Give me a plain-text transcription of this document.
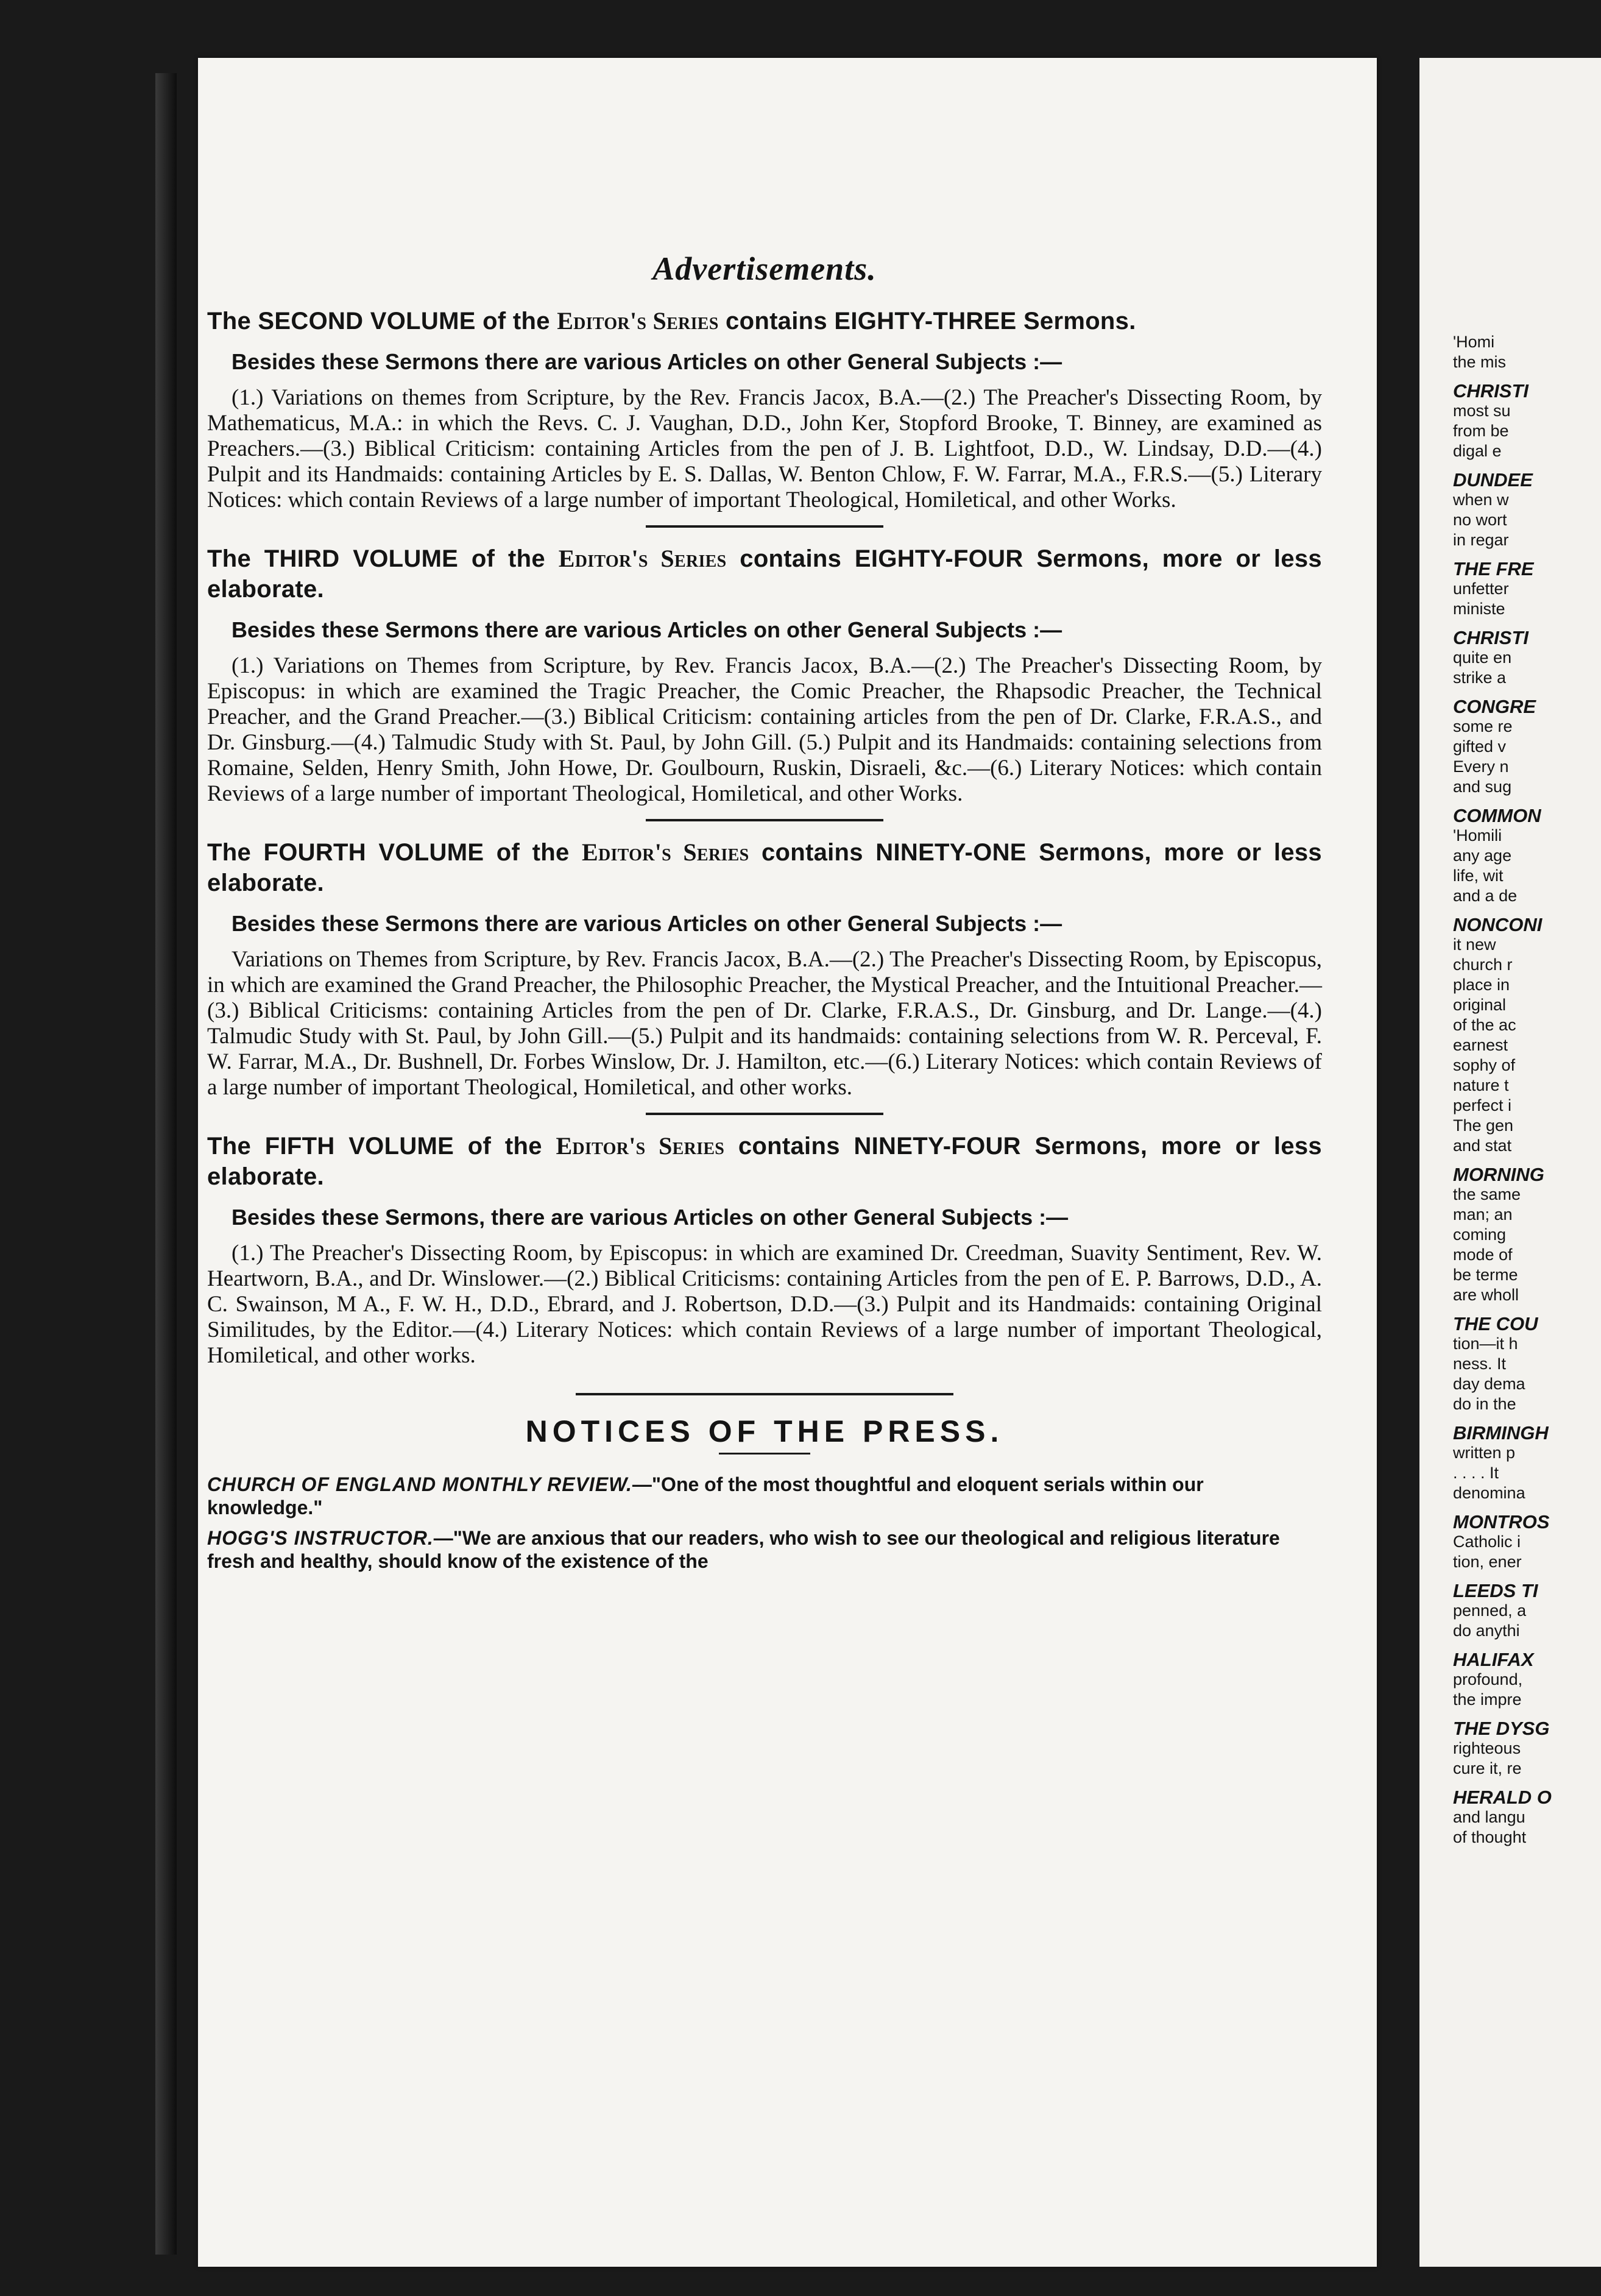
Advertisements.

The SECOND VOLUME of the Editor's Series contains EIGHTY-THREE Sermons.

Besides these Sermons there are various Articles on other General Subjects :—

(1.) Variations on themes from Scripture, by the Rev. Francis Jacox, B.A.—(2.) The Preacher's Dissecting Room, by Mathematicus, M.A.: in which the Revs. C. J. Vaughan, D.D., John Ker, Stopford Brooke, T. Binney, are examined as Preachers.—(3.) Biblical Criticism: containing Articles from the pen of J. B. Lightfoot, D.D., W. Lindsay, D.D.—(4.) Pulpit and its Handmaids: containing Articles by E. S. Dallas, W. Benton Chlow, F. W. Farrar, M.A., F.R.S.—(5.) Literary Notices: which contain Reviews of a large number of important Theological, Homiletical, and other Works.

The THIRD VOLUME of the Editor's Series contains EIGHTY-FOUR Sermons, more or less elaborate.

Besides these Sermons there are various Articles on other General Subjects :—

(1.) Variations on Themes from Scripture, by Rev. Francis Jacox, B.A.—(2.) The Preacher's Dissecting Room, by Episcopus: in which are examined the Tragic Preacher, the Comic Preacher, the Rhapsodic Preacher, the Technical Preacher, and the Grand Preacher.—(3.) Biblical Criticism: containing articles from the pen of Dr. Clarke, F.R.A.S., and Dr. Ginsburg.—(4.) Talmudic Study with St. Paul, by John Gill. (5.) Pulpit and its Handmaids: containing selections from Romaine, Selden, Henry Smith, John Howe, Dr. Goulbourn, Ruskin, Disraeli, &c.—(6.) Literary Notices: which contain Reviews of a large number of important Theological, Homiletical, and other Works.

The FOURTH VOLUME of the Editor's Series contains NINETY-ONE Sermons, more or less elaborate.

Besides these Sermons there are various Articles on other General Subjects :—

Variations on Themes from Scripture, by Rev. Francis Jacox, B.A.—(2.) The Preacher's Dissecting Room, by Episcopus, in which are examined the Grand Preacher, the Philosophic Preacher, the Mystical Preacher, and the Intuitional Preacher.—(3.) Biblical Criticisms: containing Articles from the pen of Dr. Clarke, F.R.A.S., Dr. Ginsburg, and Dr. Lange.—(4.) Talmudic Study with St. Paul, by John Gill.—(5.) Pulpit and its handmaids: containing selections from W. R. Perceval, F. W. Farrar, M.A., Dr. Bushnell, Dr. Forbes Winslow, Dr. J. Hamilton, etc.—(6.) Literary Notices: which contain Reviews of a large number of important Theological, Homiletical, and other works.

The FIFTH VOLUME of the Editor's Series contains NINETY-FOUR Sermons, more or less elaborate.

Besides these Sermons, there are various Articles on other General Subjects :—

(1.) The Preacher's Dissecting Room, by Episcopus: in which are examined Dr. Creedman, Suavity Sentiment, Rev. W. Heartworn, B.A., and Dr. Winslower.—(2.) Biblical Criticisms: containing Articles from the pen of E. P. Barrows, D.D., A. C. Swainson, M A., F. W. H., D.D., Ebrard, and J. Robertson, D.D.—(3.) Pulpit and its Handmaids: containing Original Similitudes, by the Editor.—(4.) Literary Notices: which contain Reviews of a large number of important Theological, Homiletical, and other works.

NOTICES OF THE PRESS.

CHURCH OF ENGLAND MONTHLY REVIEW.—"One of the most thoughtful and eloquent serials within our knowledge."

HOGG'S INSTRUCTOR.—"We are anxious that our readers, who wish to see our theological and religious literature fresh and healthy, should know of the existence of the

'Homi

the mis

CHRISTI

most su

from be

digal e

DUNDEE

when w

no wort

in regar

THE FRE

unfetter

ministe

CHRISTI

quite en

strike a

CONGRE

some re

gifted v

Every n

and sug

COMMON

'Homili

any age

life, wit

and a de

NONCONI

it new

church r

place in

original

of the ac

earnest

sophy of

nature t

perfect i

The gen

and stat

MORNING

the same

man; an

coming

mode of

be terme

are wholl

THE COU

tion—it h

ness. It

day dema

do in the

BIRMINGH

written p

. . . . It

denomina

MONTROS

Catholic i

tion, ener

LEEDS TI

penned, a

do anythi

HALIFAX

profound,

the impre

THE DYSG

righteous

cure it, re

HERALD O

and langu

of thought
